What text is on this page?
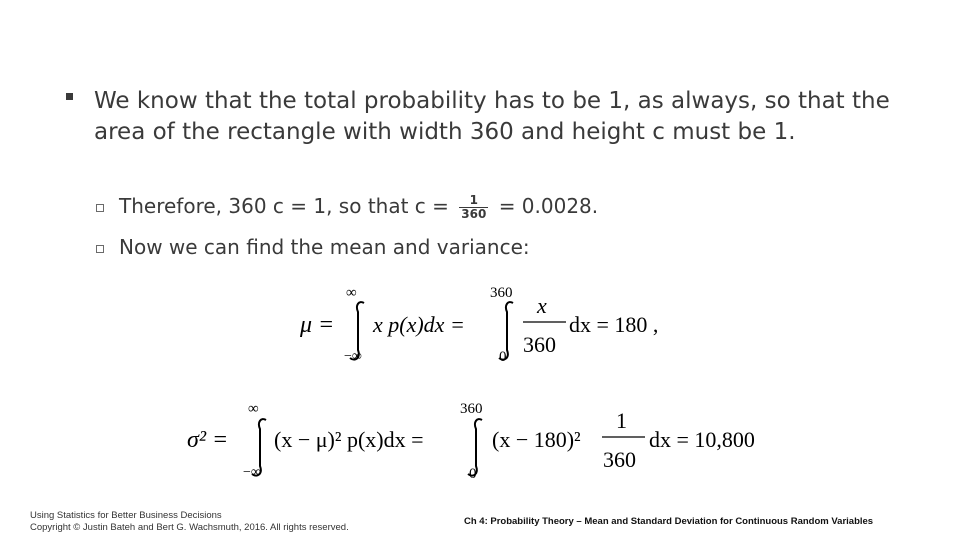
We know that the total probability has to be 1, as always, so that the area of the rectangle with width 360 and height c must be 1.
Therefore, 360 c = 1, so that $c = \frac{1}{360} = 0.0028$.
Now we can find the mean and variance:
μ =
∞
−∞
x p(x)dx =
360
0
x
360
dx = 180 ,
σ² =
∞
−∞
(x − μ)² p(x)dx =
360
0
(x − 180)²
1
360
dx = 10,800
Using Statistics for Better Business Decisions
Copyright © Justin Bateh and Bert G. Wachsmuth, 2016. All rights reserved.
Ch 4: Probability Theory – Mean and Standard Deviation for Continuous Random Variables
